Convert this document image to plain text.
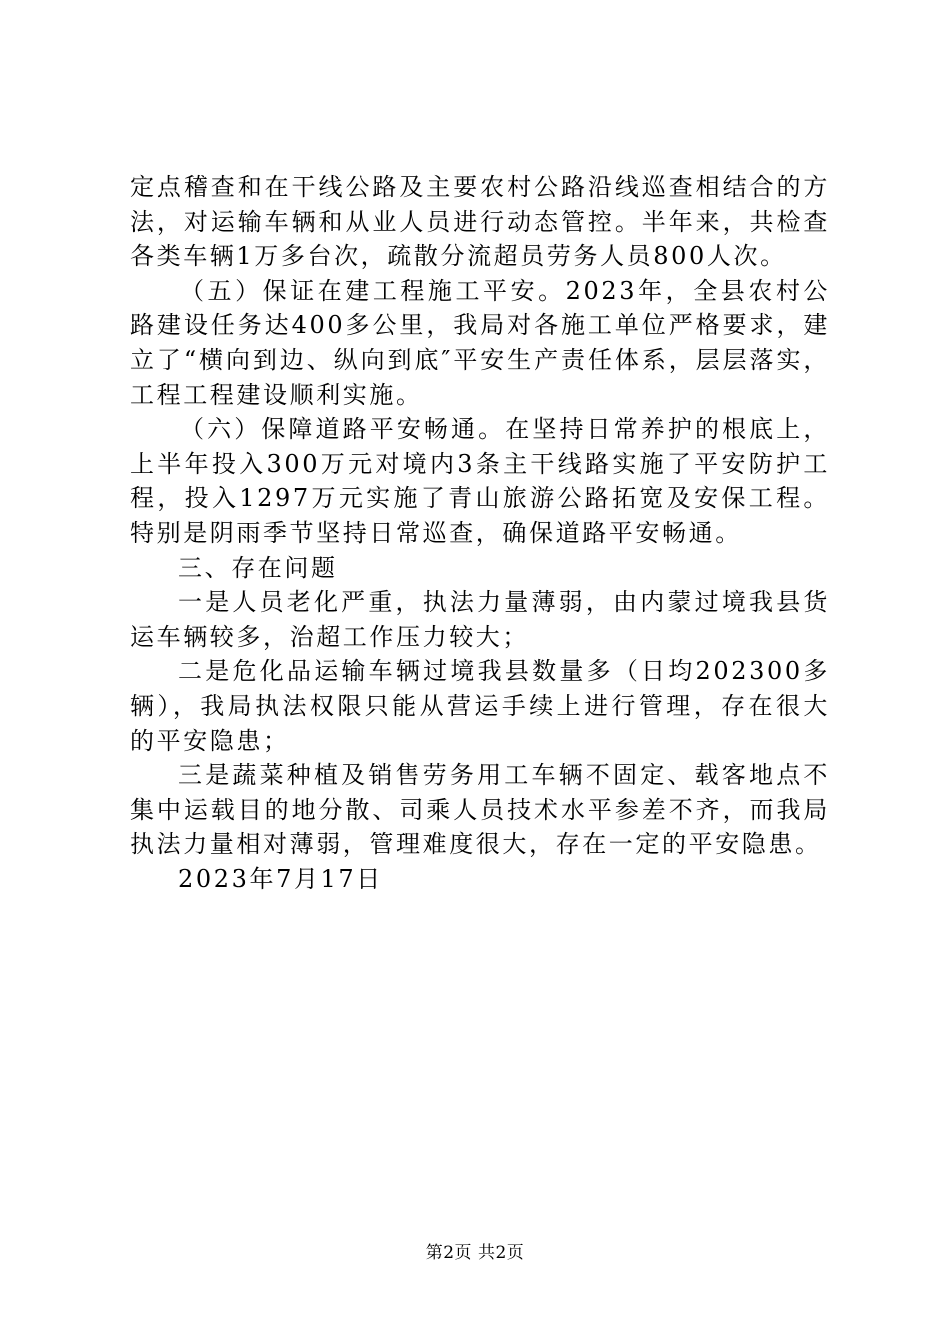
定点稽查和在干线公路及主要农村公路沿线巡查相结合的方法，对运输车辆和从业人员进行动态管控。半年来，共检查各类车辆1万多台次，疏散分流超员劳务人员800人次。

（五）保证在建工程施工平安。2023年，全县农村公路建设任务达400多公里，我局对各施工单位严格要求，建立了“横向到边、纵向到底″平安生产责任体系，层层落实，工程工程建设顺利实施。

（六）保障道路平安畅通。在坚持日常养护的根底上，上半年投入300万元对境内3条主干线路实施了平安防护工程，投入1297万元实施了青山旅游公路拓宽及安保工程。特别是阴雨季节坚持日常巡查，确保道路平安畅通。

三、存在问题

一是人员老化严重，执法力量薄弱，由内蒙过境我县货运车辆较多，治超工作压力较大；

二是危化品运输车辆过境我县数量多（日均202300多辆），我局执法权限只能从营运手续上进行管理，存在很大的平安隐患；

三是蔬菜种植及销售劳务用工车辆不固定、载客地点不集中运载目的地分散、司乘人员技术水平参差不齐，而我局执法力量相对薄弱，管理难度很大，存在一定的平安隐患。

2023年7月17日

第2页 共2页
